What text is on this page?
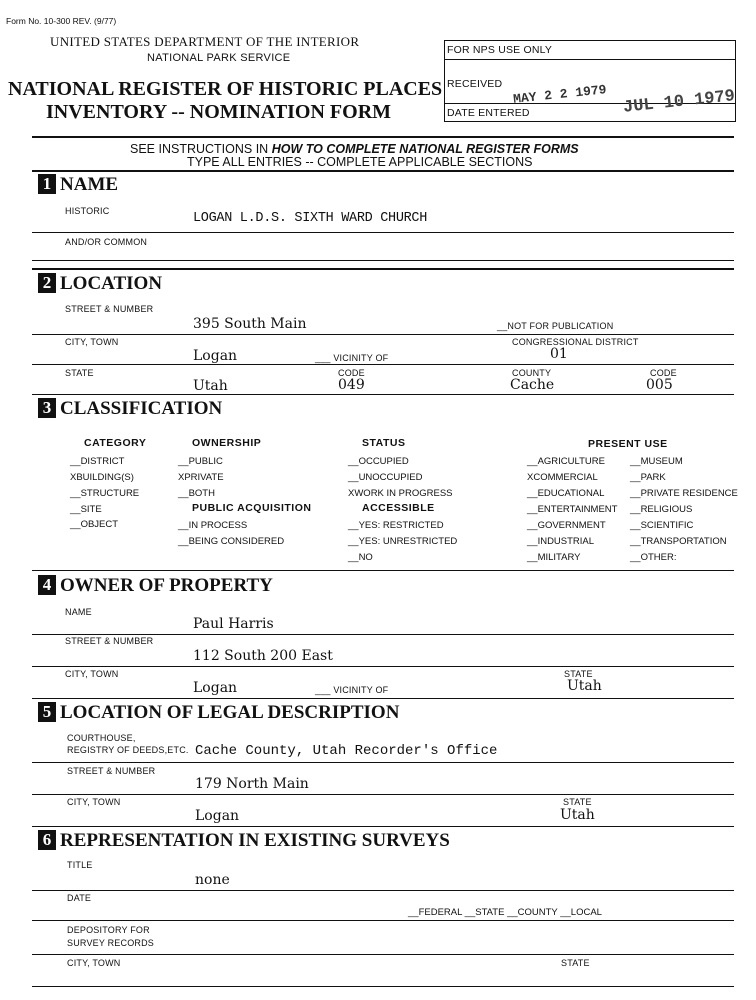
Form No. 10-300 REV. (9/77)
UNITED STATES DEPARTMENT OF THE INTERIOR
NATIONAL PARK SERVICE
NATIONAL REGISTER OF HISTORIC PLACES
INVENTORY -- NOMINATION FORM
FOR NPS USE ONLY
RECEIVED MAY 2 2 1979
DATE ENTERED	JUL 10 1979
SEE INSTRUCTIONS IN HOW TO COMPLETE NATIONAL REGISTER FORMS
TYPE ALL ENTRIES -- COMPLETE APPLICABLE SECTIONS
1 NAME
HISTORIC	LOGAN L.D.S. SIXTH WARD CHURCH
AND/OR COMMON
2 LOCATION
STREET & NUMBER
395 South Main	__NOT FOR PUBLICATION
CITY, TOWN	CONGRESSIONAL DISTRICT
Logan	___ VICINITY OF	01
STATE	CODE	COUNTY	CODE
Utah	049	Cache	005
3 CLASSIFICATION
CATEGORY
__DISTRICT
XBUILDING(S)
__STRUCTURE
__SITE
__OBJECT
OWNERSHIP
__PUBLIC
XPRIVATE
__BOTH
PUBLIC ACQUISITION
__IN PROCESS
__BEING CONSIDERED
STATUS
__OCCUPIED
__UNOCCUPIED
XWORK IN PROGRESS
ACCESSIBLE
__YES: RESTRICTED
__YES: UNRESTRICTED
__NO
PRESENT USE
__AGRICULTURE
XCOMMERCIAL
__EDUCATIONAL
__ENTERTAINMENT
__GOVERNMENT
__INDUSTRIAL
__MILITARY
__MUSEUM
__PARK
__PRIVATE RESIDENCE
__RELIGIOUS
__SCIENTIFIC
__TRANSPORTATION
__OTHER:
4 OWNER OF PROPERTY
NAME
Paul Harris
STREET & NUMBER
112 South 200 East
CITY, TOWN	STATE
Logan	___ VICINITY OF	Utah
5 LOCATION OF LEGAL DESCRIPTION
COURTHOUSE,
REGISTRY OF DEEDS,ETC. Cache County, Utah Recorder's Office
STREET & NUMBER
179 North Main
CITY, TOWN	STATE
Logan	Utah
6 REPRESENTATION IN EXISTING SURVEYS
TITLE
none
DATE
__FEDERAL __STATE __COUNTY __LOCAL
DEPOSITORY FOR
SURVEY RECORDS
CITY, TOWN	STATE
